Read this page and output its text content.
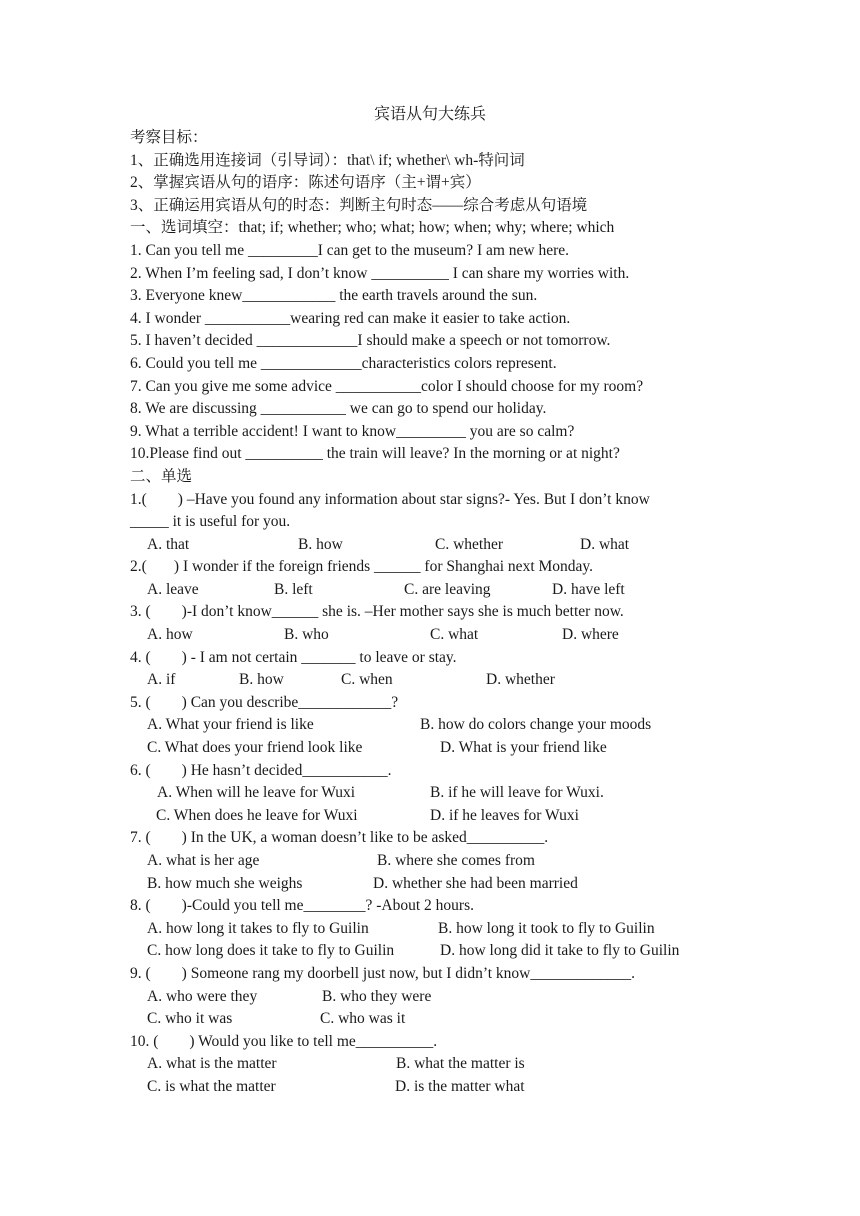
宾语从句大练兵
考察目标：
1、正确选用连接词（引导词）：that\ if; whether\ wh-特问词
2、掌握宾语从句的语序：陈述句语序（主+谓+宾）
3、正确运用宾语从句的时态：判断主句时态——综合考虑从句语境
一、选词填空：that; if; whether; who; what; how; when; why; where; which
1. Can you tell me _________I can get to the museum? I am new here.
2. When I’m feeling sad, I don’t know __________ I can share my worries with.
3. Everyone knew____________ the earth travels around the sun.
4. I wonder ___________wearing red can make it easier to take action.
5. I haven’t decided _____________I should make a speech or not tomorrow.
6. Could you tell me _____________characteristics colors represent.
7. Can you give me some advice ___________color I should choose for my room?
8. We are discussing ___________ we can go to spend our holiday.
9. What a terrible accident! I want to know_________ you are so calm?
10.Please find out __________ the train will leave? In the morning or at night?
二、单选
1.(        ) –Have you found any information about star signs?- Yes. But I don’t know
_____ it is useful for you.
A. that	B. how	C. whether	D. what
2.(       ) I wonder if the foreign friends ______ for Shanghai next Monday.
A. leave	B. left	C. are leaving	D. have left
3. (        )-I don’t know______ she is. –Her mother says she is much better now.
A. how	B. who	C. what	D. where
4. (        ) - I am not certain _______ to leave or stay.
A. if	B. how	C. when	D. whether
5. (        ) Can you describe____________?
A. What your friend is like	B. how do colors change your moods
C. What does your friend look like	D. What is your friend like
6. (        ) He hasn’t decided___________.
A. When will he leave for Wuxi	B. if he will leave for Wuxi.
C. When does he leave for Wuxi	D. if he leaves for Wuxi
7. (        ) In the UK, a woman doesn’t like to be asked__________.
A. what is her age	B. where she comes from
B. how much she weighs	D. whether she had been married
8. (        )-Could you tell me________? -About 2 hours.
A. how long it takes to fly to Guilin	B. how long it took to fly to Guilin
C. how long does it take to fly to Guilin	D. how long did it take to fly to Guilin
9. (        ) Someone rang my doorbell just now, but I didn’t know_____________.
A. who were they	B. who they were
C. who it was	C. who was it
10. (        ) Would you like to tell me__________.
A. what is the matter	B. what the matter is
C. is what the matter	D. is the matter what
